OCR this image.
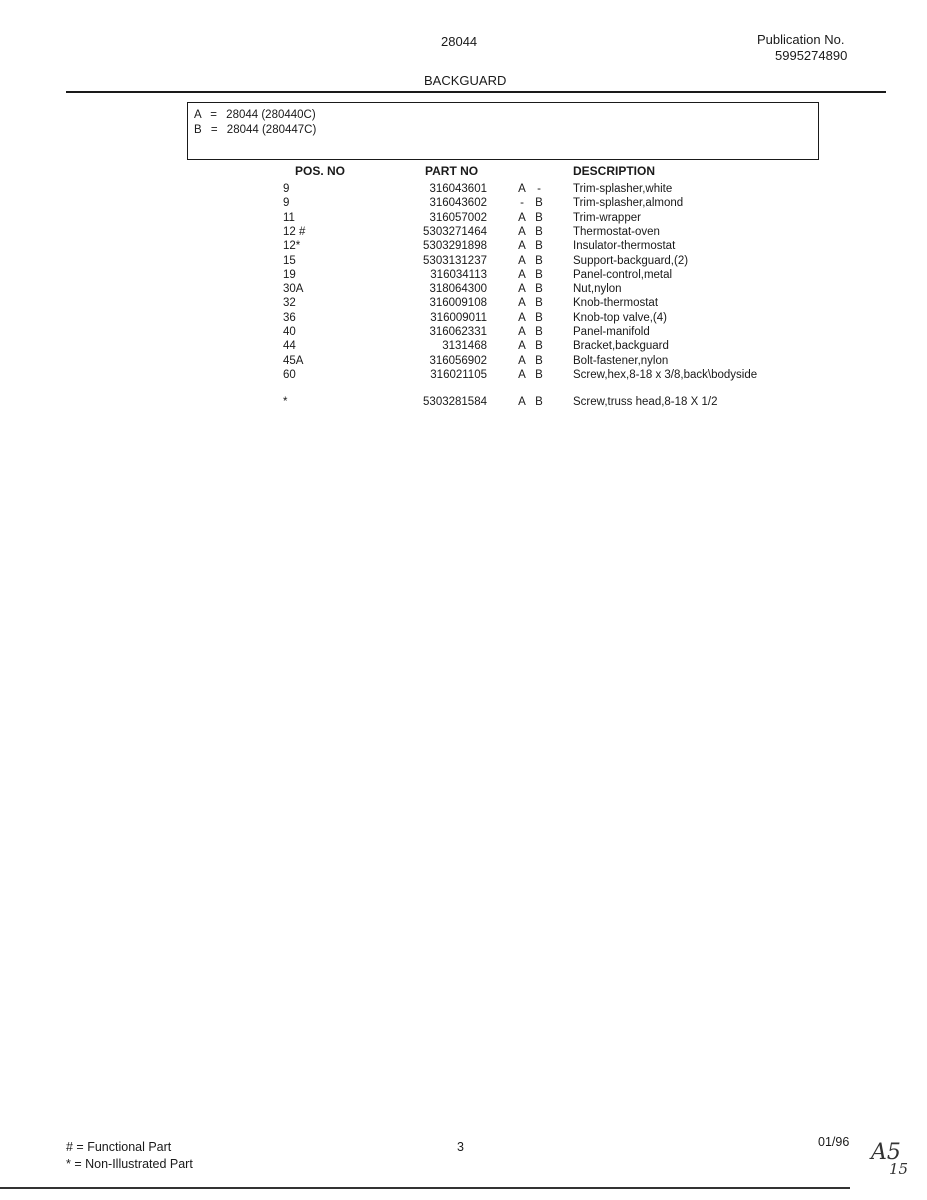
28044	Publication No.
5995274890
BACKGUARD
A = 28044 (280440C)
B = 28044 (280447C)
POS. NO	PART NO	DESCRIPTION
9	316043601	A -	Trim-splasher,white
9	316043602	- B	Trim-splasher,almond
11	316057002	A B	Trim-wrapper
12 #	5303271464	A B	Thermostat-oven
12*	5303291898	A B	Insulator-thermostat
15	5303131237	A B	Support-backguard,(2)
19	316034113	A B	Panel-control,metal
30A	318064300	A B	Nut,nylon
32	316009108	A B	Knob-thermostat
36	316009011	A B	Knob-top valve,(4)
40	316062331	A B	Panel-manifold
44	3131468	A B	Bracket,backguard
45A	316056902	A B	Bolt-fastener,nylon
60	316021105	A B	Screw,hex,8-18 x 3/8,back\bodyside
*	5303281584	A B	Screw,truss head,8-18 X 1/2
# = Functional Part
* = Non-Illustrated Part
3	01/96 A5
15
